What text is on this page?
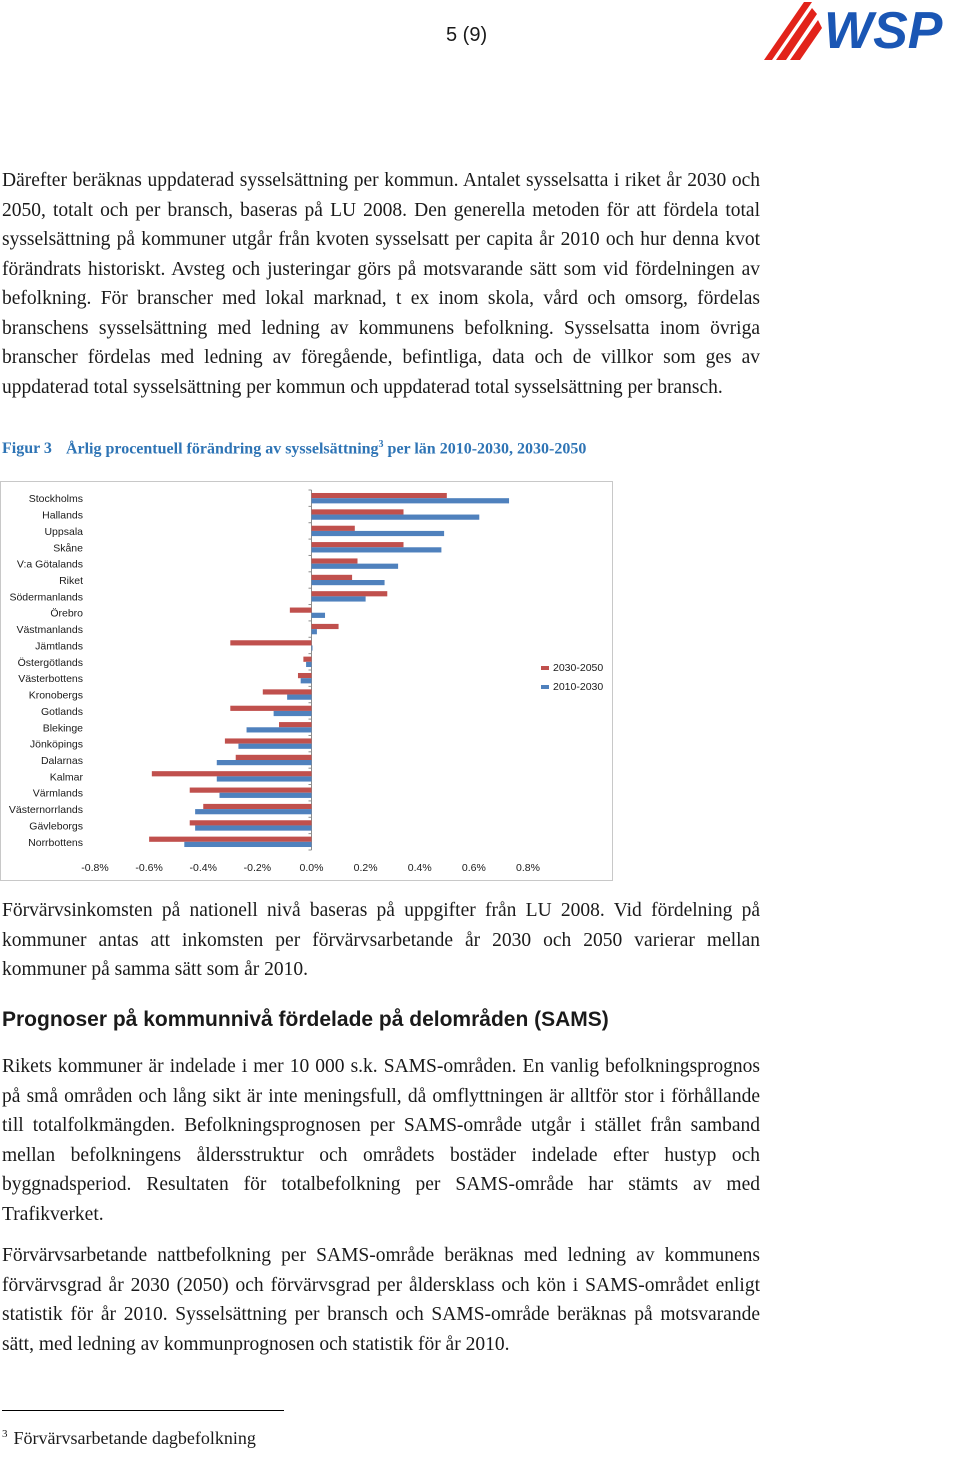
5 (9)	WSP

Därefter beräknas uppdaterad sysselsättning per kommun. Antalet sysselsatta i riket år 2030 och 2050, totalt och per bransch, baseras på LU 2008. Den generella metoden för att fördela total sysselsättning på kommuner utgår från kvoten sysselsatt per capita år 2010 och hur denna kvot förändrats historiskt. Avsteg och justeringar görs på motsvarande sätt som vid fördelningen av befolkning. För branscher med lokal marknad, t ex inom skola, vård och omsorg, fördelas branschens sysselsättning med ledning av kommunens befolkning. Sysselsatta inom övriga branscher fördelas med ledning av föregående, befintliga, data och de villkor som ges av uppdaterad total sysselsättning per kommun och uppdaterad total sysselsättning per bransch.

Figur 3 Årlig procentuell förändring av sysselsättning$^3$ per län 2010-2030, 2030-2050
Stockholms
Hallands
Uppsala
Skåne
V:a Götalands
Riket
Södermanlands
Örebro
Västmanlands
Jämtlands
Östergötlands
Västerbottens
Kronobergs
Gotlands
Blekinge
Jönköpings
Dalarnas
Kalmar
Värmlands
Västernorrlands
Gävleborgs
Norrbottens
-0.8%	-0.6%	-0.4%	-0.2%	0.0%	0.2%	0.4%	0.6%	0.8%
2030-2050
2010-2030

Förvärvsinkomsten på nationell nivå baseras på uppgifter från LU 2008. Vid fördelning på kommuner antas att inkomsten per förvärvsarbetande år 2030 och 2050 varierar mellan kommuner på samma sätt som år 2010.

Prognoser på kommunnivå fördelade på delområden (SAMS)

Rikets kommuner är indelade i mer 10 000 s.k. SAMS-områden. En vanlig befolkningsprognos på små områden och lång sikt är inte meningsfull, då omflyttningen är alltför stor i förhållande till totalfolkmängden. Befolkningsprognosen per SAMS-område utgår i stället från samband mellan befolkningens åldersstruktur och områdets bostäder indelade efter hustyp och byggnadsperiod. Resultaten för totalbefolkning per SAMS-område har stämts av med Trafikverket.

Förvärvsarbetande nattbefolkning per SAMS-område beräknas med ledning av kommunens förvärvsgrad år 2030 (2050) och förvärvsgrad per åldersklass och kön i SAMS-området enligt statistik för år 2010. Sysselsättning per bransch och SAMS-område beräknas på motsvarande sätt, med ledning av kommunprognosen och statistik för år 2010.

$^3$ Förvärvsarbetande dagbefolkning
